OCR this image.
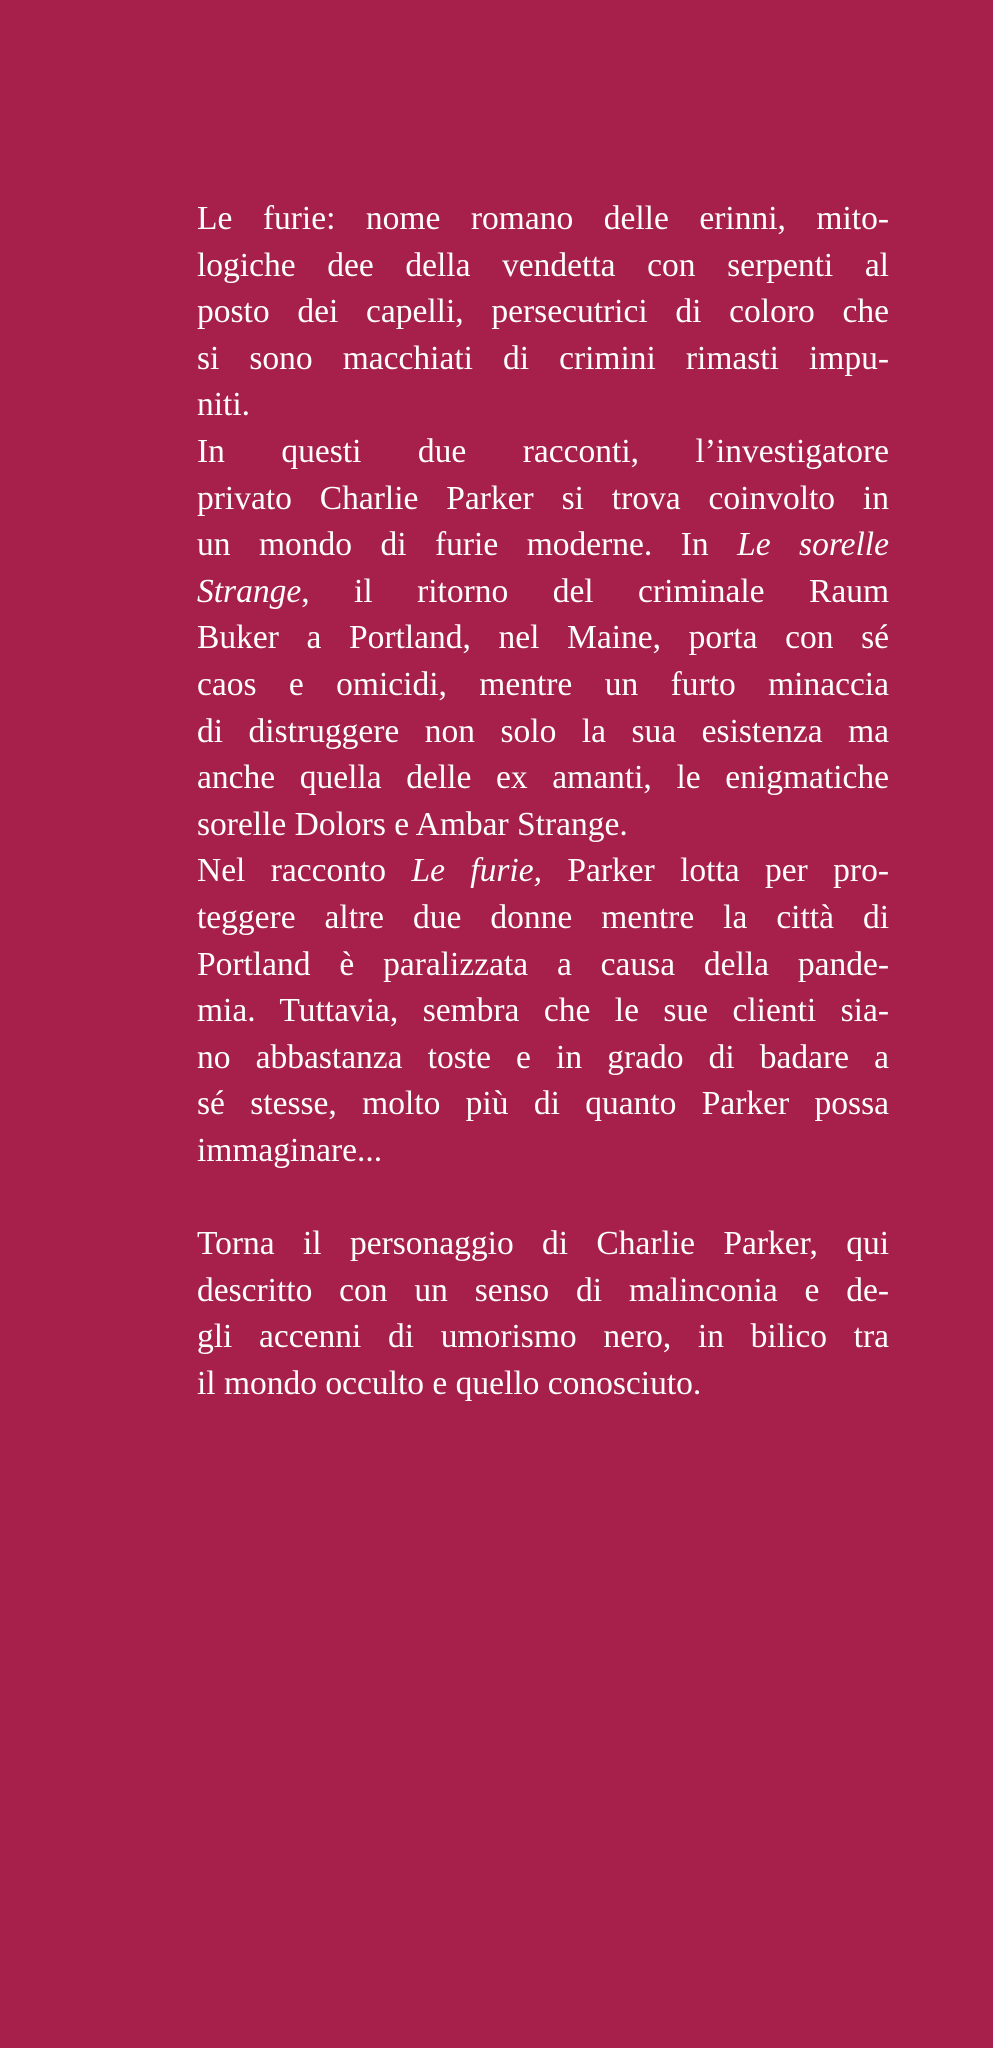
Le furie: nome romano delle erinni, mito-
logiche dee della vendetta con serpenti al
posto dei capelli, persecutrici di coloro che
si sono macchiati di crimini rimasti impu-
niti.
In questi due racconti, l’investigatore
privato Charlie Parker si trova coinvolto in
un mondo di furie moderne. In Le sorelle
Strange, il ritorno del criminale Raum
Buker a Portland, nel Maine, porta con sé
caos e omicidi, mentre un furto minaccia
di distruggere non solo la sua esistenza ma
anche quella delle ex amanti, le enigmatiche
sorelle Dolors e Ambar Strange.
Nel racconto Le furie, Parker lotta per pro-
teggere altre due donne mentre la città di
Portland è paralizzata a causa della pande-
mia. Tuttavia, sembra che le sue clienti sia-
no abbastanza toste e in grado di badare a
sé stesse, molto più di quanto Parker possa
immaginare...
Torna il personaggio di Charlie Parker, qui
descritto con un senso di malinconia e de-
gli accenni di umorismo nero, in bilico tra
il mondo occulto e quello conosciuto.
